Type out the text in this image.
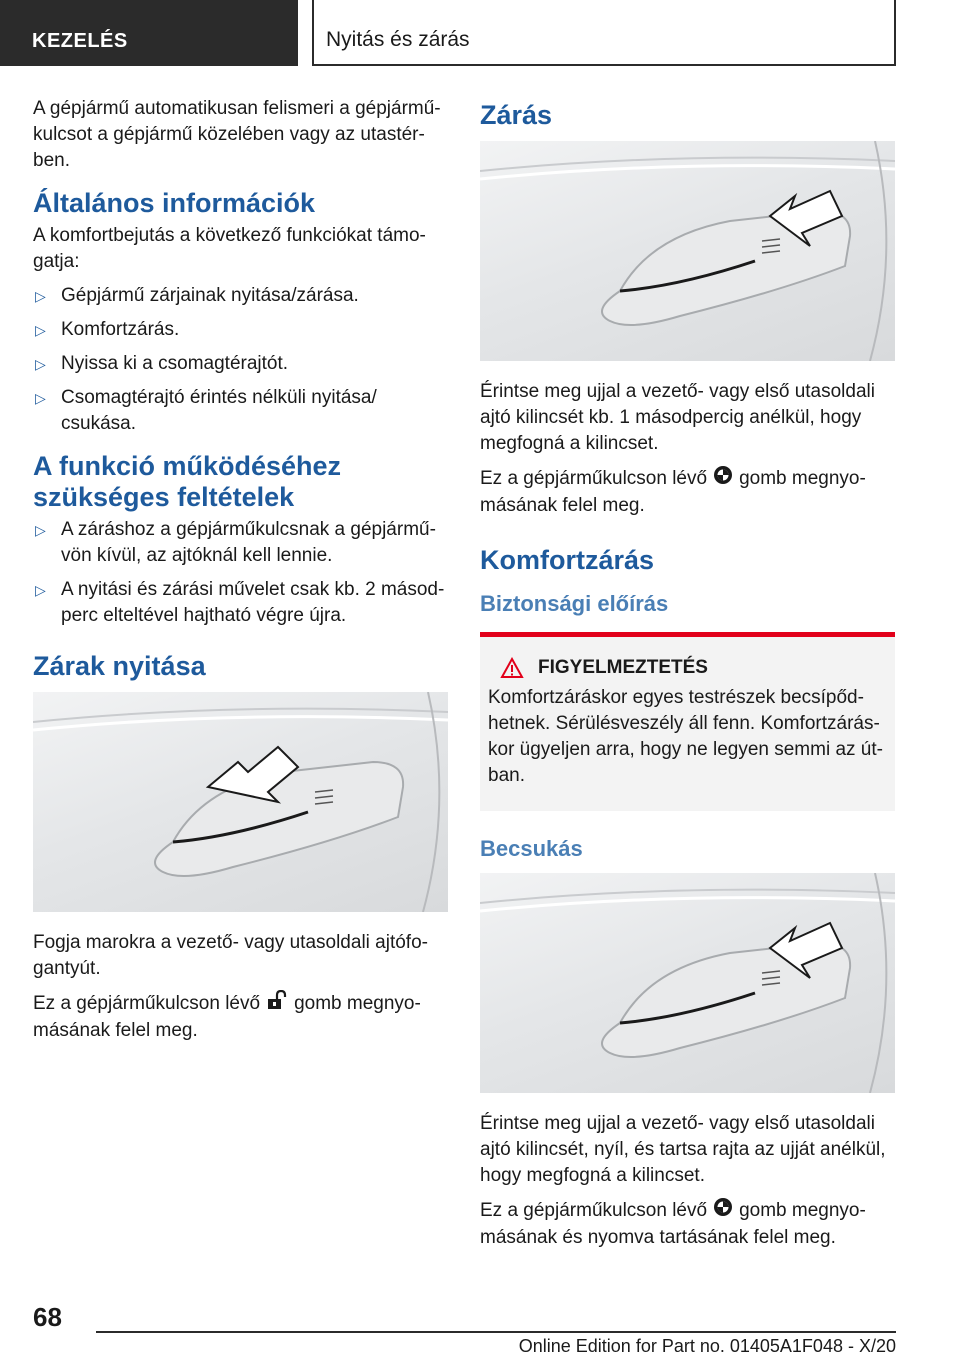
KEZELÉS	Nyitás és zárás

A gépjármű automatikusan felismeri a gépjármű-kulcsot a gépjármű közelében vagy az utastér-ben.

Általános információk

A komfortbejutás a következő funkciókat támo-gatja:

▷ Gépjármű zárjainak nyitása/zárása.
▷ Komfortzárás.
▷ Nyissa ki a csomagtérajtót.
▷ Csomagtérajtó érintés nélküli nyitása/ csukása.
A funkció működéséhez szükséges feltételek
▷ A záráshoz a gépjárműkulcsnak a gépjármű-vön kívül, az ajtóknál kell lennie.
▷ A nyitási és zárási művelet csak kb. 2 másod-perc elteltével hajtható végre újra.
Zárak nyitása

Fogja marokra a vezető- vagy utasoldali ajtófo-gantyút.

Ez a gépjárműkulcson lévő gomb megnyo-másának felel meg.

Zárás

Érintse meg ujjal a vezető- vagy első utasoldali ajtó kilincsét kb. 1 másodpercig anélkül, hogy megfogná a kilincset.

Ez a gépjárműkulcson lévő gomb megnyo-másának felel meg.

Komfortzárás
Biztonsági előírás
FIGYELMEZTETÉS

Komfortzáráskor egyes testrészek becsípőd-hetnek. Sérülésveszély áll fenn. Komfortzárás-kor ügyeljen arra, hogy ne legyen semmi az út-ban.

Becsukás

Érintse meg ujjal a vezető- vagy első utasoldali ajtó kilincsét, nyíl, és tartsa rajta az ujját anélkül, hogy megfogná a kilincset.

Ez a gépjárműkulcson lévő gomb megnyo-másának és nyomva tartásának felel meg.

68
Online Edition for Part no. 01405A1F048 - X/20
